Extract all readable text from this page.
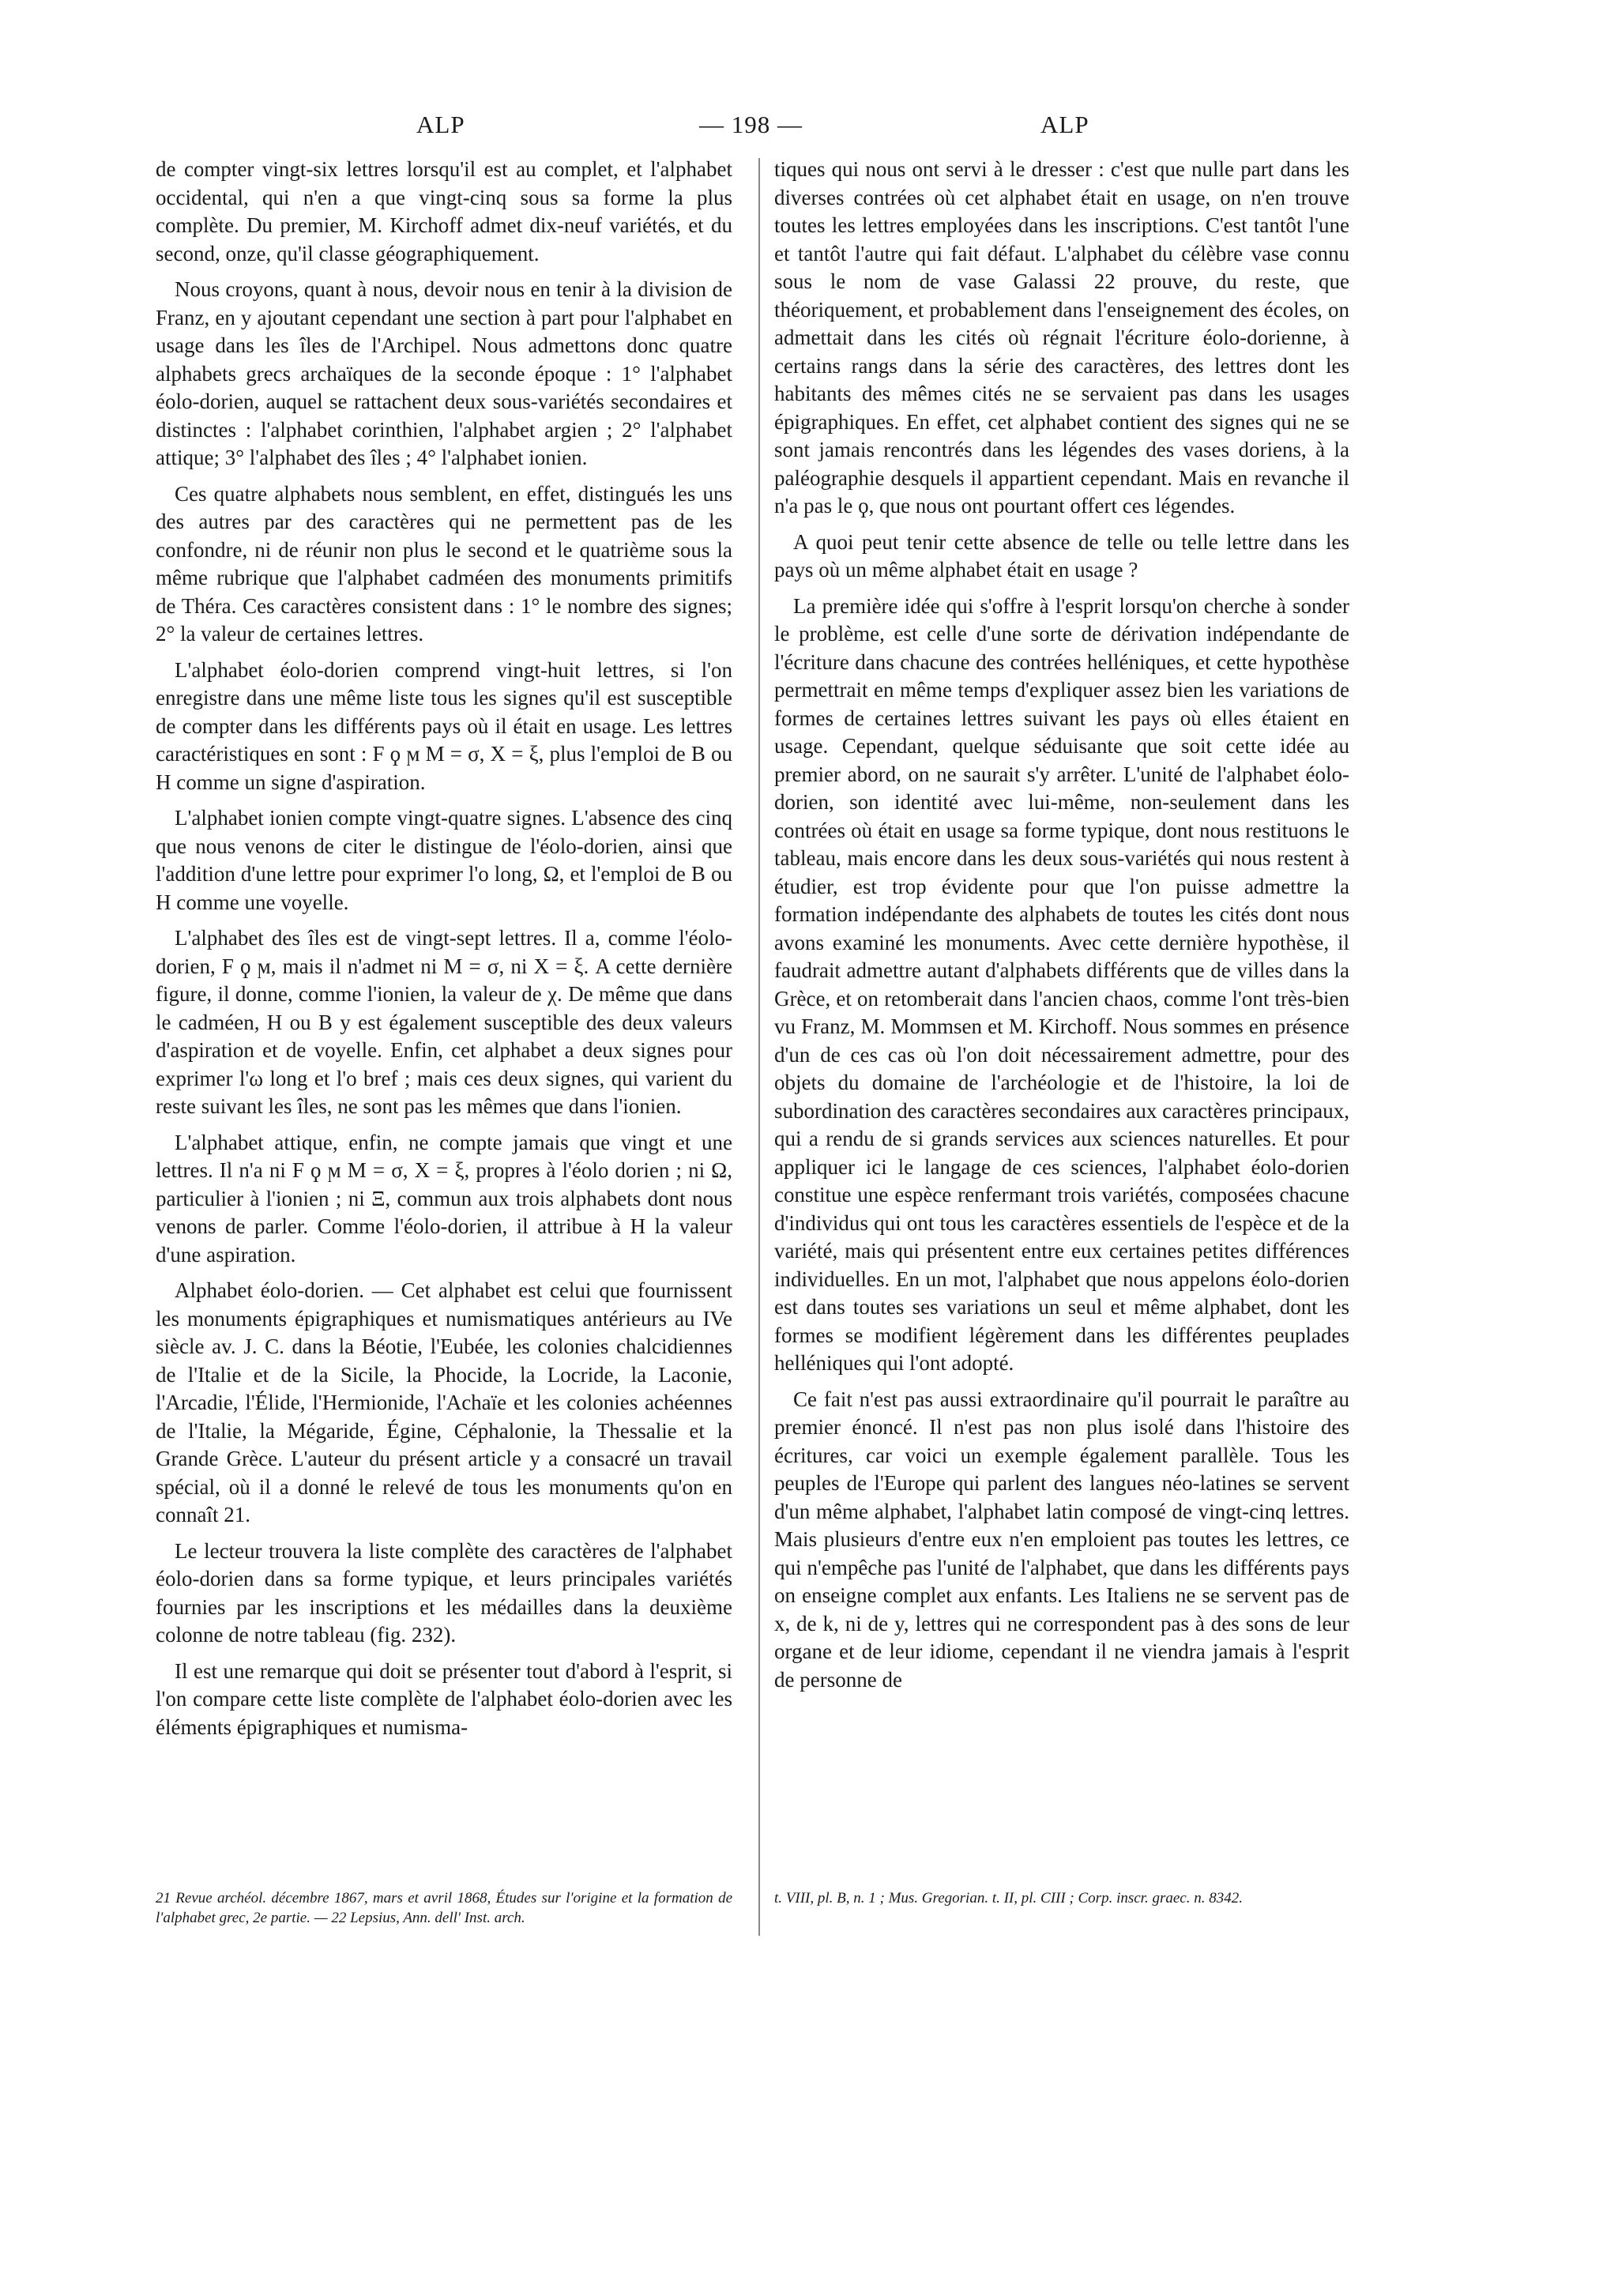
ALP	— 198 —	ALP

de compter vingt-six lettres lorsqu'il est au complet, et l'alphabet occidental, qui n'en a que vingt-cinq sous sa forme la plus complète. Du premier, M. Kirchoff admet dix-neuf variétés, et du second, onze, qu'il classe géographiquement.

Nous croyons, quant à nous, devoir nous en tenir à la division de Franz, en y ajoutant cependant une section à part pour l'alphabet en usage dans les îles de l'Archipel. Nous admettons donc quatre alphabets grecs archaïques de la seconde époque : 1° l'alphabet éolo-dorien, auquel se rattachent deux sous-variétés secondaires et distinctes : l'alphabet corinthien, l'alphabet argien ; 2° l'alphabet attique; 3° l'alphabet des îles ; 4° l'alphabet ionien.

Ces quatre alphabets nous semblent, en effet, distingués les uns des autres par des caractères qui ne permettent pas de les confondre, ni de réunir non plus le second et le quatrième sous la même rubrique que l'alphabet cadméen des monuments primitifs de Théra. Ces caractères consistent dans : 1° le nombre des signes; 2° la valeur de certaines lettres.

L'alphabet éolo-dorien comprend vingt-huit lettres, si l'on enregistre dans une même liste tous les signes qu'il est susceptible de compter dans les différents pays où il était en usage. Les lettres caractéristiques en sont : F ϙ ϻ M = σ, X = ξ, plus l'emploi de B ou H comme un signe d'aspiration.

L'alphabet ionien compte vingt-quatre signes. L'absence des cinq que nous venons de citer le distingue de l'éolo-dorien, ainsi que l'addition d'une lettre pour exprimer l'o long, Ω, et l'emploi de B ou H comme une voyelle.

L'alphabet des îles est de vingt-sept lettres. Il a, comme l'éolo-dorien, F ϙ ϻ, mais il n'admet ni M = σ, ni X = ξ. A cette dernière figure, il donne, comme l'ionien, la valeur de χ. De même que dans le cadméen, H ou B y est également susceptible des deux valeurs d'aspiration et de voyelle. Enfin, cet alphabet a deux signes pour exprimer l'ω long et l'o bref ; mais ces deux signes, qui varient du reste suivant les îles, ne sont pas les mêmes que dans l'ionien.

L'alphabet attique, enfin, ne compte jamais que vingt et une lettres. Il n'a ni F ϙ ϻ M = σ, X = ξ, propres à l'éolo dorien ; ni Ω, particulier à l'ionien ; ni Ξ, commun aux trois alphabets dont nous venons de parler. Comme l'éolo-dorien, il attribue à H la valeur d'une aspiration.

Alphabet éolo-dorien. — Cet alphabet est celui que fournissent les monuments épigraphiques et numismatiques antérieurs au IVe siècle av. J. C. dans la Béotie, l'Eubée, les colonies chalcidiennes de l'Italie et de la Sicile, la Phocide, la Locride, la Laconie, l'Arcadie, l'Élide, l'Hermionide, l'Achaïe et les colonies achéennes de l'Italie, la Mégaride, Égine, Céphalonie, la Thessalie et la Grande Grèce. L'auteur du présent article y a consacré un travail spécial, où il a donné le relevé de tous les monuments qu'on en connaît 21.

Le lecteur trouvera la liste complète des caractères de l'alphabet éolo-dorien dans sa forme typique, et leurs principales variétés fournies par les inscriptions et les médailles dans la deuxième colonne de notre tableau (fig. 232).

Il est une remarque qui doit se présenter tout d'abord à l'esprit, si l'on compare cette liste complète de l'alphabet éolo-dorien avec les éléments épigraphiques et numisma-

tiques qui nous ont servi à le dresser : c'est que nulle part dans les diverses contrées où cet alphabet était en usage, on n'en trouve toutes les lettres employées dans les inscriptions. C'est tantôt l'une et tantôt l'autre qui fait défaut. L'alphabet du célèbre vase connu sous le nom de vase Galassi 22 prouve, du reste, que théoriquement, et probablement dans l'enseignement des écoles, on admettait dans les cités où régnait l'écriture éolo-dorienne, à certains rangs dans la série des caractères, des lettres dont les habitants des mêmes cités ne se servaient pas dans les usages épigraphiques. En effet, cet alphabet contient des signes qui ne se sont jamais rencontrés dans les légendes des vases doriens, à la paléographie desquels il appartient cependant. Mais en revanche il n'a pas le ϙ, que nous ont pourtant offert ces légendes.

A quoi peut tenir cette absence de telle ou telle lettre dans les pays où un même alphabet était en usage ?

La première idée qui s'offre à l'esprit lorsqu'on cherche à sonder le problème, est celle d'une sorte de dérivation indépendante de l'écriture dans chacune des contrées helléniques, et cette hypothèse permettrait en même temps d'expliquer assez bien les variations de formes de certaines lettres suivant les pays où elles étaient en usage. Cependant, quelque séduisante que soit cette idée au premier abord, on ne saurait s'y arrêter. L'unité de l'alphabet éolo-dorien, son identité avec lui-même, non-seulement dans les contrées où était en usage sa forme typique, dont nous restituons le tableau, mais encore dans les deux sous-variétés qui nous restent à étudier, est trop évidente pour que l'on puisse admettre la formation indépendante des alphabets de toutes les cités dont nous avons examiné les monuments. Avec cette dernière hypothèse, il faudrait admettre autant d'alphabets différents que de villes dans la Grèce, et on retomberait dans l'ancien chaos, comme l'ont très-bien vu Franz, M. Mommsen et M. Kirchoff. Nous sommes en présence d'un de ces cas où l'on doit nécessairement admettre, pour des objets du domaine de l'archéologie et de l'histoire, la loi de subordination des caractères secondaires aux caractères principaux, qui a rendu de si grands services aux sciences naturelles. Et pour appliquer ici le langage de ces sciences, l'alphabet éolo-dorien constitue une espèce renfermant trois variétés, composées chacune d'individus qui ont tous les caractères essentiels de l'espèce et de la variété, mais qui présentent entre eux certaines petites différences individuelles. En un mot, l'alphabet que nous appelons éolo-dorien est dans toutes ses variations un seul et même alphabet, dont les formes se modifient légèrement dans les différentes peuplades helléniques qui l'ont adopté.

Ce fait n'est pas aussi extraordinaire qu'il pourrait le paraître au premier énoncé. Il n'est pas non plus isolé dans l'histoire des écritures, car voici un exemple également parallèle. Tous les peuples de l'Europe qui parlent des langues néo-latines se servent d'un même alphabet, l'alphabet latin composé de vingt-cinq lettres. Mais plusieurs d'entre eux n'en emploient pas toutes les lettres, ce qui n'empêche pas l'unité de l'alphabet, que dans les différents pays on enseigne complet aux enfants. Les Italiens ne se servent pas de x, de k, ni de y, lettres qui ne correspondent pas à des sons de leur organe et de leur idiome, cependant il ne viendra jamais à l'esprit de personne de

21 Revue archéol. décembre 1867, mars et avril 1868, Études sur l'origine et la formation de l'alphabet grec, 2e partie. — 22 Lepsius, Ann. dell' Inst. arch.
t. VIII, pl. B, n. 1 ; Mus. Gregorian. t. II, pl. CIII ; Corp. inscr. graec. n. 8342.
